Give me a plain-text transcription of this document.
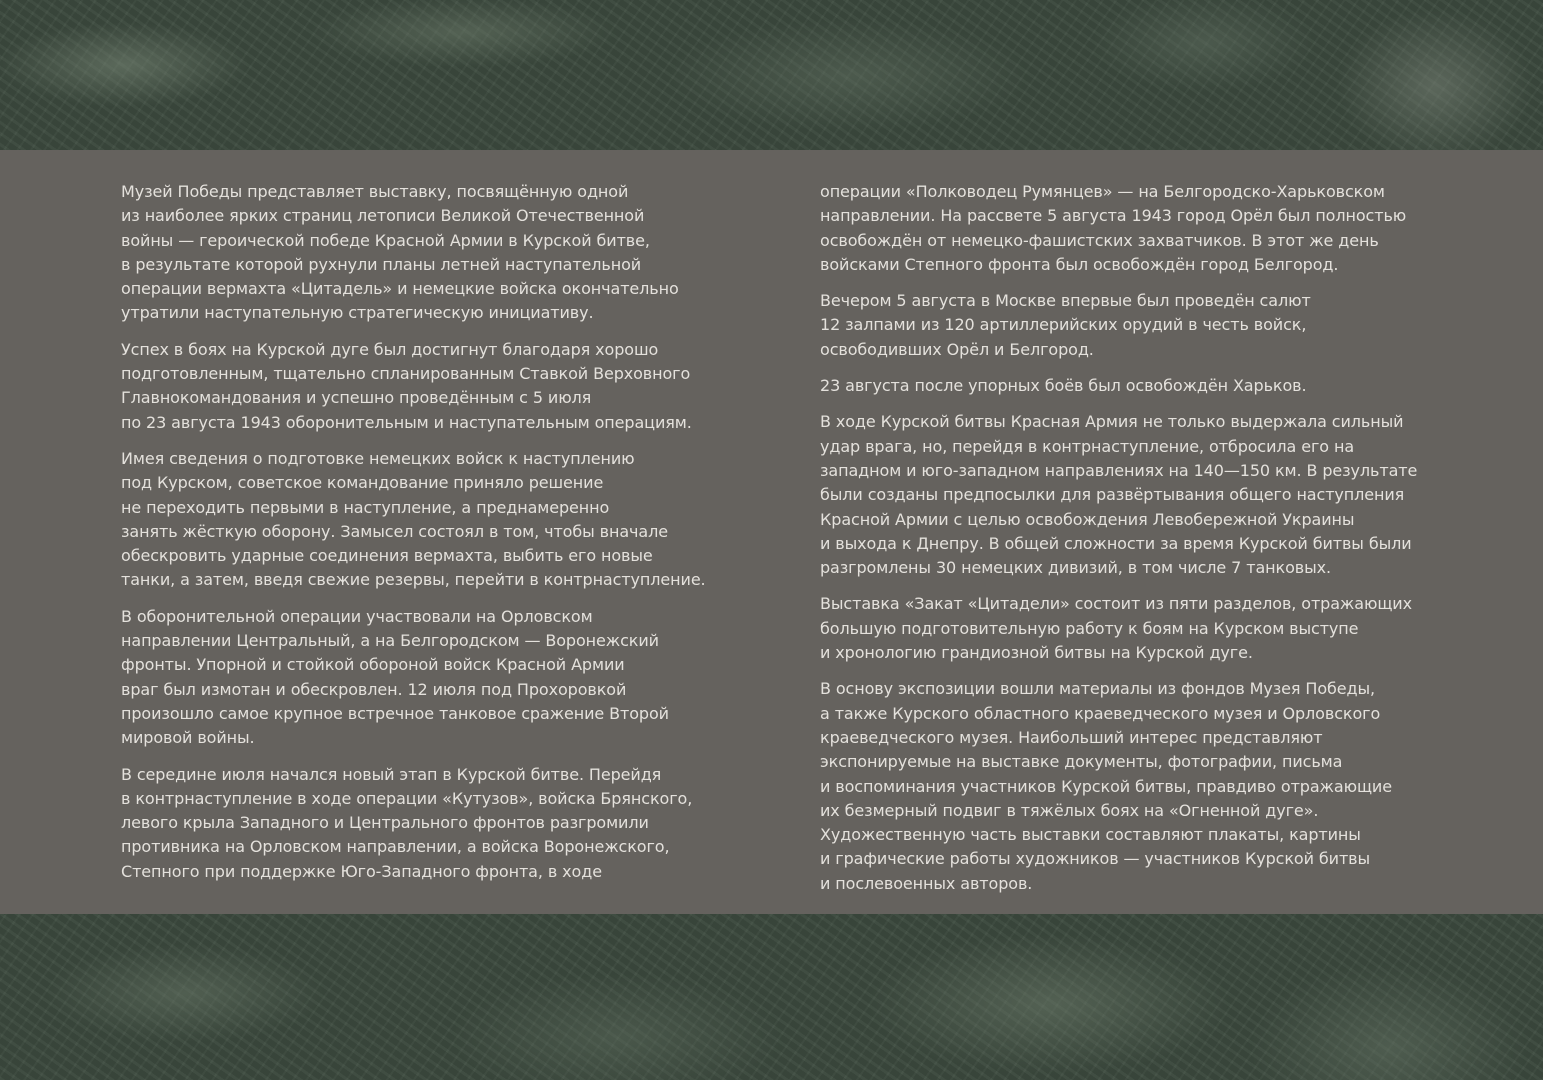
Музей Победы представляет выставку, посвящённую одной
из наиболее ярких страниц летописи Великой Отечественной
войны — героической победе Красной Армии в Курской битве,
в результате которой рухнули планы летней наступательной
операции вермахта «Цитадель» и немецкие войска окончательно
утратили наступательную стратегическую инициативу.

Успех в боях на Курской дуге был достигнут благодаря хорошо
подготовленным, тщательно спланированным Ставкой Верховного
Главнокомандования и успешно проведённым с 5 июля
по 23 августа 1943 оборонительным и наступательным операциям.

Имея сведения о подготовке немецких войск к наступлению
под Курском, советское командование приняло решение
не переходить первыми в наступление, а преднамеренно
занять жёсткую оборону. Замысел состоял в том, чтобы вначале
обескровить ударные соединения вермахта, выбить его новые
танки, а затем, введя свежие резервы, перейти в контрнаступление.

В оборонительной операции участвовали на Орловском
направлении Центральный, а на Белгородском — Воронежский
фронты. Упорной и стойкой обороной войск Красной Армии
враг был измотан и обескровлен. 12 июля под Прохоровкой
произошло самое крупное встречное танковое сражение Второй
мировой войны.

В середине июля начался новый этап в Курской битве. Перейдя
в контрнаступление в ходе операции «Кутузов», войска Брянского,
левого крыла Западного и Центрального фронтов разгромили
противника на Орловском направлении, а войска Воронежского,
Степного при поддержке Юго-Западного фронта, в ходе

операции «Полководец Румянцев» — на Белгородско-Харьковском
направлении. На рассвете 5 августа 1943 город Орёл был полностью
освобождён от немецко-фашистских захватчиков. В этот же день
войсками Степного фронта был освобождён город Белгород.

Вечером 5 августа в Москве впервые был проведён салют
12 залпами из 120 артиллерийских орудий в честь войск,
освободивших Орёл и Белгород.

23 августа после упорных боёв был освобождён Харьков.

В ходе Курской битвы Красная Армия не только выдержала сильный
удар врага, но, перейдя в контрнаступление, отбросила его на
западном и юго-западном направлениях на 140—150 км. В результате
были созданы предпосылки для развёртывания общего наступления
Красной Армии с целью освобождения Левобережной Украины
и выхода к Днепру. В общей сложности за время Курской битвы были
разгромлены 30 немецких дивизий, в том числе 7 танковых.

Выставка «Закат «Цитадели» состоит из пяти разделов, отражающих
большую подготовительную работу к боям на Курском выступе
и хронологию грандиозной битвы на Курской дуге.

В основу экспозиции вошли материалы из фондов Музея Победы,
а также Курского областного краеведческого музея и Орловского
краеведческого музея. Наибольший интерес представляют
экспонируемые на выставке документы, фотографии, письма
и воспоминания участников Курской битвы, правдиво отражающие
их безмерный подвиг в тяжёлых боях на «Огненной дуге».
Художественную часть выставки составляют плакаты, картины
и графические работы художников — участников Курской битвы
и послевоенных авторов.
